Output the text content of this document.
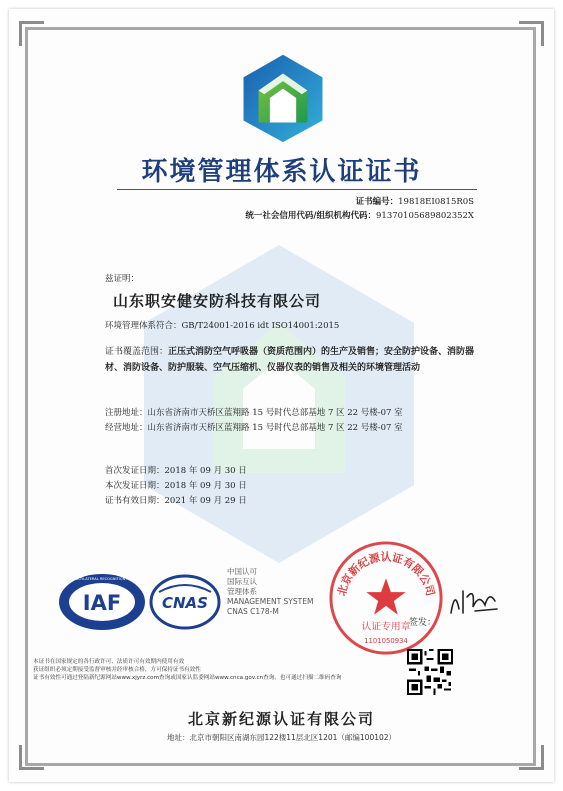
环境管理体系认证证书
证书编号：19818EI0815R0S
统一社会信用代码/组织机构代码：91370105689802352X
兹证明：
山东职安健安防科技有限公司
环境管理体系符合：GB/T24001-2016 idt ISO14001:2015
证书覆盖范围：正压式消防空气呼吸器（资质范围内）的生产及销售；安全防护设备、消防器材、消防设备、防护服装、空气压缩机、仪器仪表的销售及相关的环境管理活动
注册地址：山东省济南市天桥区蓝翔路 15 号时代总部基地 7 区 22 号楼-07 室
经营地址：山东省济南市天桥区蓝翔路 15 号时代总部基地 7 区 22 号楼-07 室
首次发证日期：2018 年 09 月 30 日
本次发证日期：2018 年 09 月 30 日
证书有效日期：2021 年 09 月 29 日
IAF
MEMBER OF MULTILATERAL RECOGNITION ARRANGEMENT
CNAS
中国认可
国际互认
管理体系
MANAGEMENT SYSTEM
CNAS C178-M
北京新纪源认证有限公司
认证专用章
1101050934
签发：
本证书在国家规定的各行政许可、法质许可有效期内使用有效
获证组织必须定期接受监督审核并经审核合格，方可保持证书有效性
证书有效性可通过登陆新纪源网站www.xjyrz.com查询或国家认监委网站www.cnca.gov.cn查询，也可通过扫描二维码查询
北京新纪源认证有限公司
地址：北京市朝阳区南湖东园122楼11层北区1201（邮编100102）
